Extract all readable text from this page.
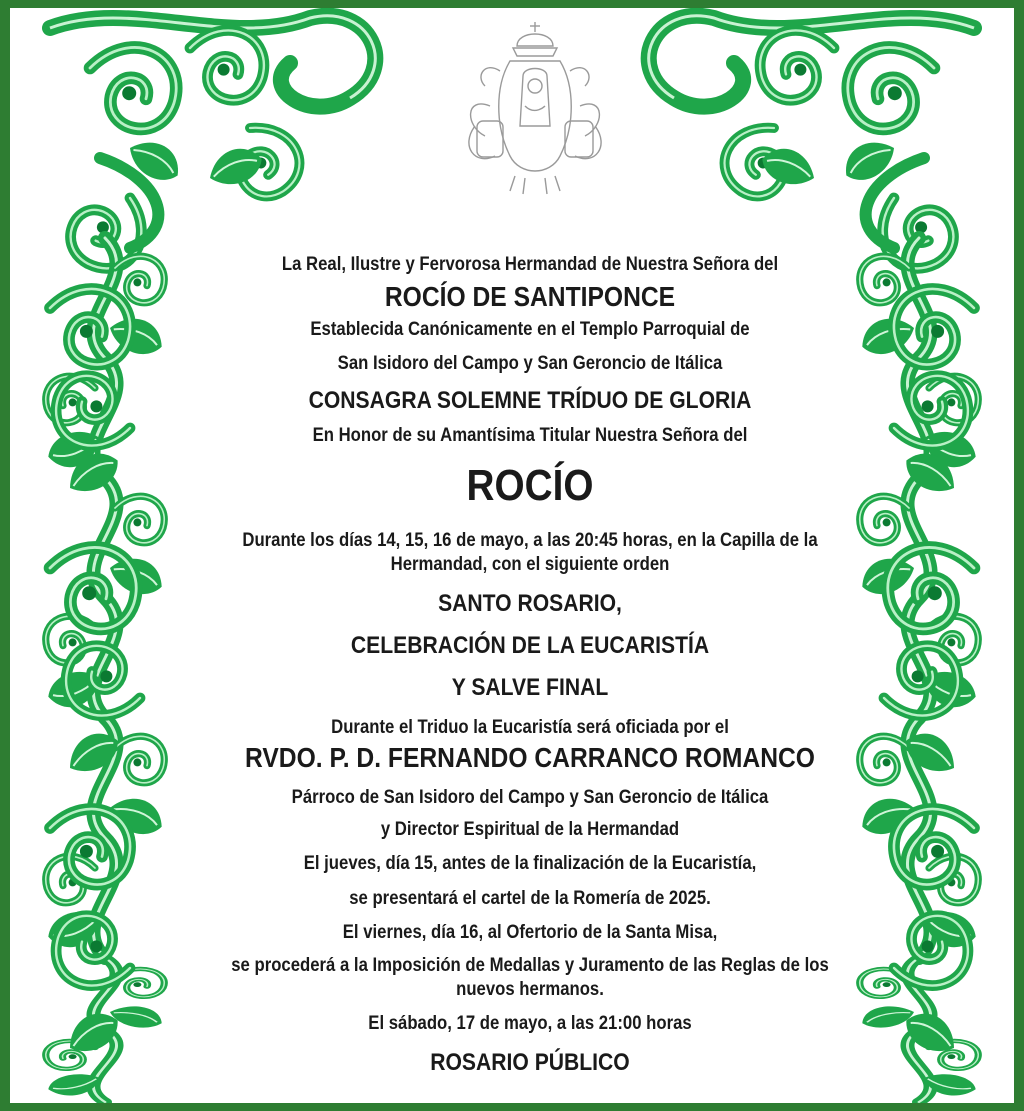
La Real, Ilustre y Fervorosa Hermandad de Nuestra Señora del
ROCÍO DE SANTIPONCE
Establecida Canónicamente en el Templo Parroquial de
San Isidoro del Campo y San Geroncio de Itálica
CONSAGRA SOLEMNE TRÍDUO DE GLORIA
En Honor de su Amantísima Titular Nuestra Señora del
ROCÍO
Durante los días 14, 15, 16 de mayo, a las 20:45 horas, en la Capilla de la Hermandad, con el siguiente orden
SANTO ROSARIO,
CELEBRACIÓN DE LA EUCARISTÍA
Y SALVE FINAL
Durante el Triduo la Eucaristía será oficiada por el
RVDO. P. D. FERNANDO CARRANCO ROMANCO
Párroco de San Isidoro del Campo y San Geroncio de Itálica
y Director Espiritual de la Hermandad
El jueves, día 15, antes de la finalización de la Eucaristía,
se presentará el cartel de la Romería de 2025.
El viernes, día 16, al Ofertorio de la Santa Misa,
se procederá a la Imposición de Medallas y Juramento de las Reglas de los nuevos hermanos.
El sábado, 17 de mayo, a las 21:00 horas
ROSARIO PÚBLICO
